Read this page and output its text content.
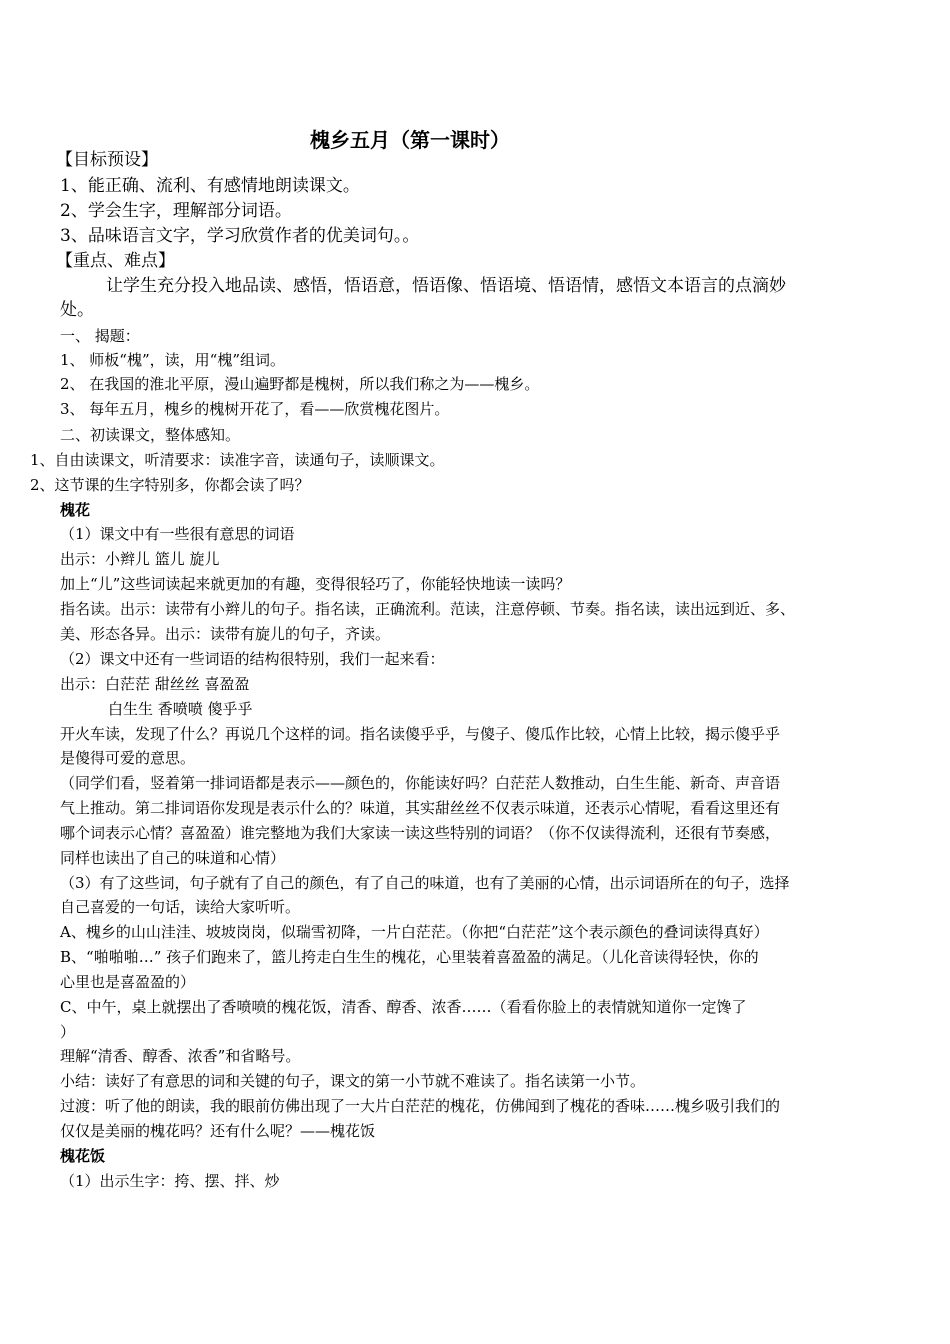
槐乡五月（第一课时）
【目标预设】
1、能正确、流利、有感情地朗读课文。
2、学会生字，理解部分词语。
3、品味语言文字，学习欣赏作者的优美词句。。
【重点、难点】
让学生充分投入地品读、感悟，悟语意，悟语像、悟语境、悟语情，感悟文本语言的点滴妙
处。
一、 揭题：
1、 师板“槐”，读，用“槐”组词。
2、 在我国的淮北平原，漫山遍野都是槐树，所以我们称之为——槐乡。
3、 每年五月，槐乡的槐树开花了，看——欣赏槐花图片。
二、初读课文，整体感知。
1、自由读课文，听清要求：读准字音，读通句子，读顺课文。
2、这节课的生字特别多，你都会读了吗？
槐花
（1）课文中有一些很有意思的词语
出示：小辫儿 篮儿 旋儿
加上“儿”这些词读起来就更加的有趣，变得很轻巧了，你能轻快地读一读吗？
指名读。出示：读带有小辫儿的句子。指名读，正确流利。范读，注意停顿、节奏。指名读，读出远到近、多、
美、形态各异。出示：读带有旋儿的句子，齐读。
（2）课文中还有一些词语的结构很特别，我们一起来看：
出示：白茫茫 甜丝丝 喜盈盈
白生生 香喷喷 傻乎乎
开火车读，发现了什么？再说几个这样的词。指名读傻乎乎，与傻子、傻瓜作比较，心情上比较，揭示傻乎乎
是傻得可爱的意思。
（同学们看，竖着第一排词语都是表示——颜色的，你能读好吗？白茫茫人数推动，白生生能、新奇、声音语
气上推动。第二排词语你发现是表示什么的？味道，其实甜丝丝不仅表示味道，还表示心情呢，看看这里还有
哪个词表示心情？喜盈盈）谁完整地为我们大家读一读这些特别的词语？（你不仅读得流利，还很有节奏感，
同样也读出了自己的味道和心情）
（3）有了这些词，句子就有了自己的颜色，有了自己的味道，也有了美丽的心情，出示词语所在的句子，选择
自己喜爱的一句话，读给大家听听。
A、槐乡的山山洼洼、坡坡岗岗，似瑞雪初降，一片白茫茫。（你把“白茫茫”这个表示颜色的叠词读得真好）
B、“啪啪啪…” 孩子们跑来了，篮儿挎走白生生的槐花，心里装着喜盈盈的满足。（儿化音读得轻快，你的
心里也是喜盈盈的）
C、中午，桌上就摆出了香喷喷的槐花饭，清香、醇香、浓香……（看看你脸上的表情就知道你一定馋了
）
理解“清香、醇香、浓香”和省略号。
小结：读好了有意思的词和关键的句子，课文的第一小节就不难读了。指名读第一小节。
过渡：听了他的朗读，我的眼前仿佛出现了一大片白茫茫的槐花，仿佛闻到了槐花的香味……槐乡吸引我们的
仅仅是美丽的槐花吗？还有什么呢？——槐花饭
槐花饭
（1）出示生字：挎、摆、拌、炒
